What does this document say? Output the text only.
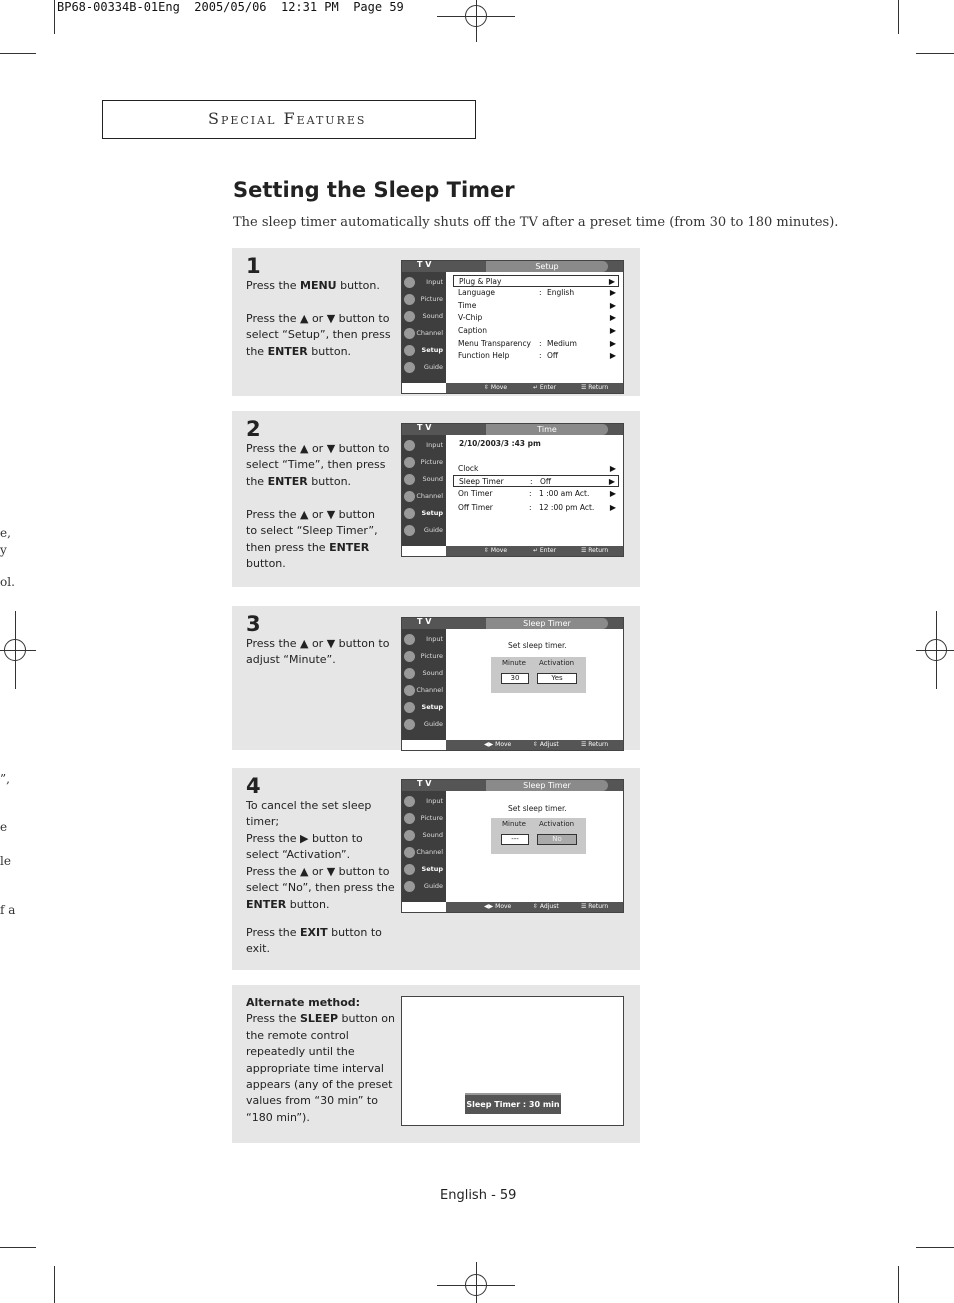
BP68-00334B-01Eng  2005/05/06  12:31 PM  Page 59
e,
y
ol.
”,
e
le
f a
Special Features
Setting the Sleep Timer

The sleep timer automatically shuts off the TV after a preset time (from 30 to 180 minutes).

1
Press the MENU button.
Press the ▲ or ▼ button to select “Setup”, then press the ENTER button.
T V	Setup
Input
Picture
Sound
Channel
Setup
Guide
Plug & Play	▶
Language	: English	▶
Time	▶
V-Chip	▶
Caption	▶
Menu Transparency : Medium	▶
Function Help	: Off	▶
⇳ Move	↵ Enter	☰ Return
2
Press the ▲ or ▼ button to select “Time”, then press the ENTER button.
Press the ▲ or ▼ button to select “Sleep Timer”, then press the ENTER button.
T V	Time
Input
Picture
Sound
Channel
Setup
Guide
2/10/2003/3 :43 pm
Clock	▶
Sleep Timer	: Off	▶
On Timer	: 1 :00 am Act.	▶
Off Timer	: 12 :00 pm Act. ▶
⇳ Move	↵ Enter	☰ Return
3
Press the ▲ or ▼ button to adjust “Minute”.
T V	Sleep Timer
Input
Picture
Sound
Channel
Setup
Guide
Set sleep timer.
Minute Activation
30	Yes
◀▶ Move	⇳ Adjust	☰ Return
4
To cancel the set sleep timer;
Press the ▶ button to select “Activation”.
Press the ▲ or ▼ button to select “No”, then press the ENTER button.
Press the EXIT button to exit.
T V	Sleep Timer
Input
Picture
Sound
Channel
Setup
Guide
Set sleep timer.
Minute Activation
---	No
◀▶ Move	⇳ Adjust	☰ Return
Alternate method:
Press the SLEEP button on the remote control repeatedly until the appropriate time interval appears (any of the preset values from “30 min” to “180 min”).
Sleep Timer : 30 min
English - 59
